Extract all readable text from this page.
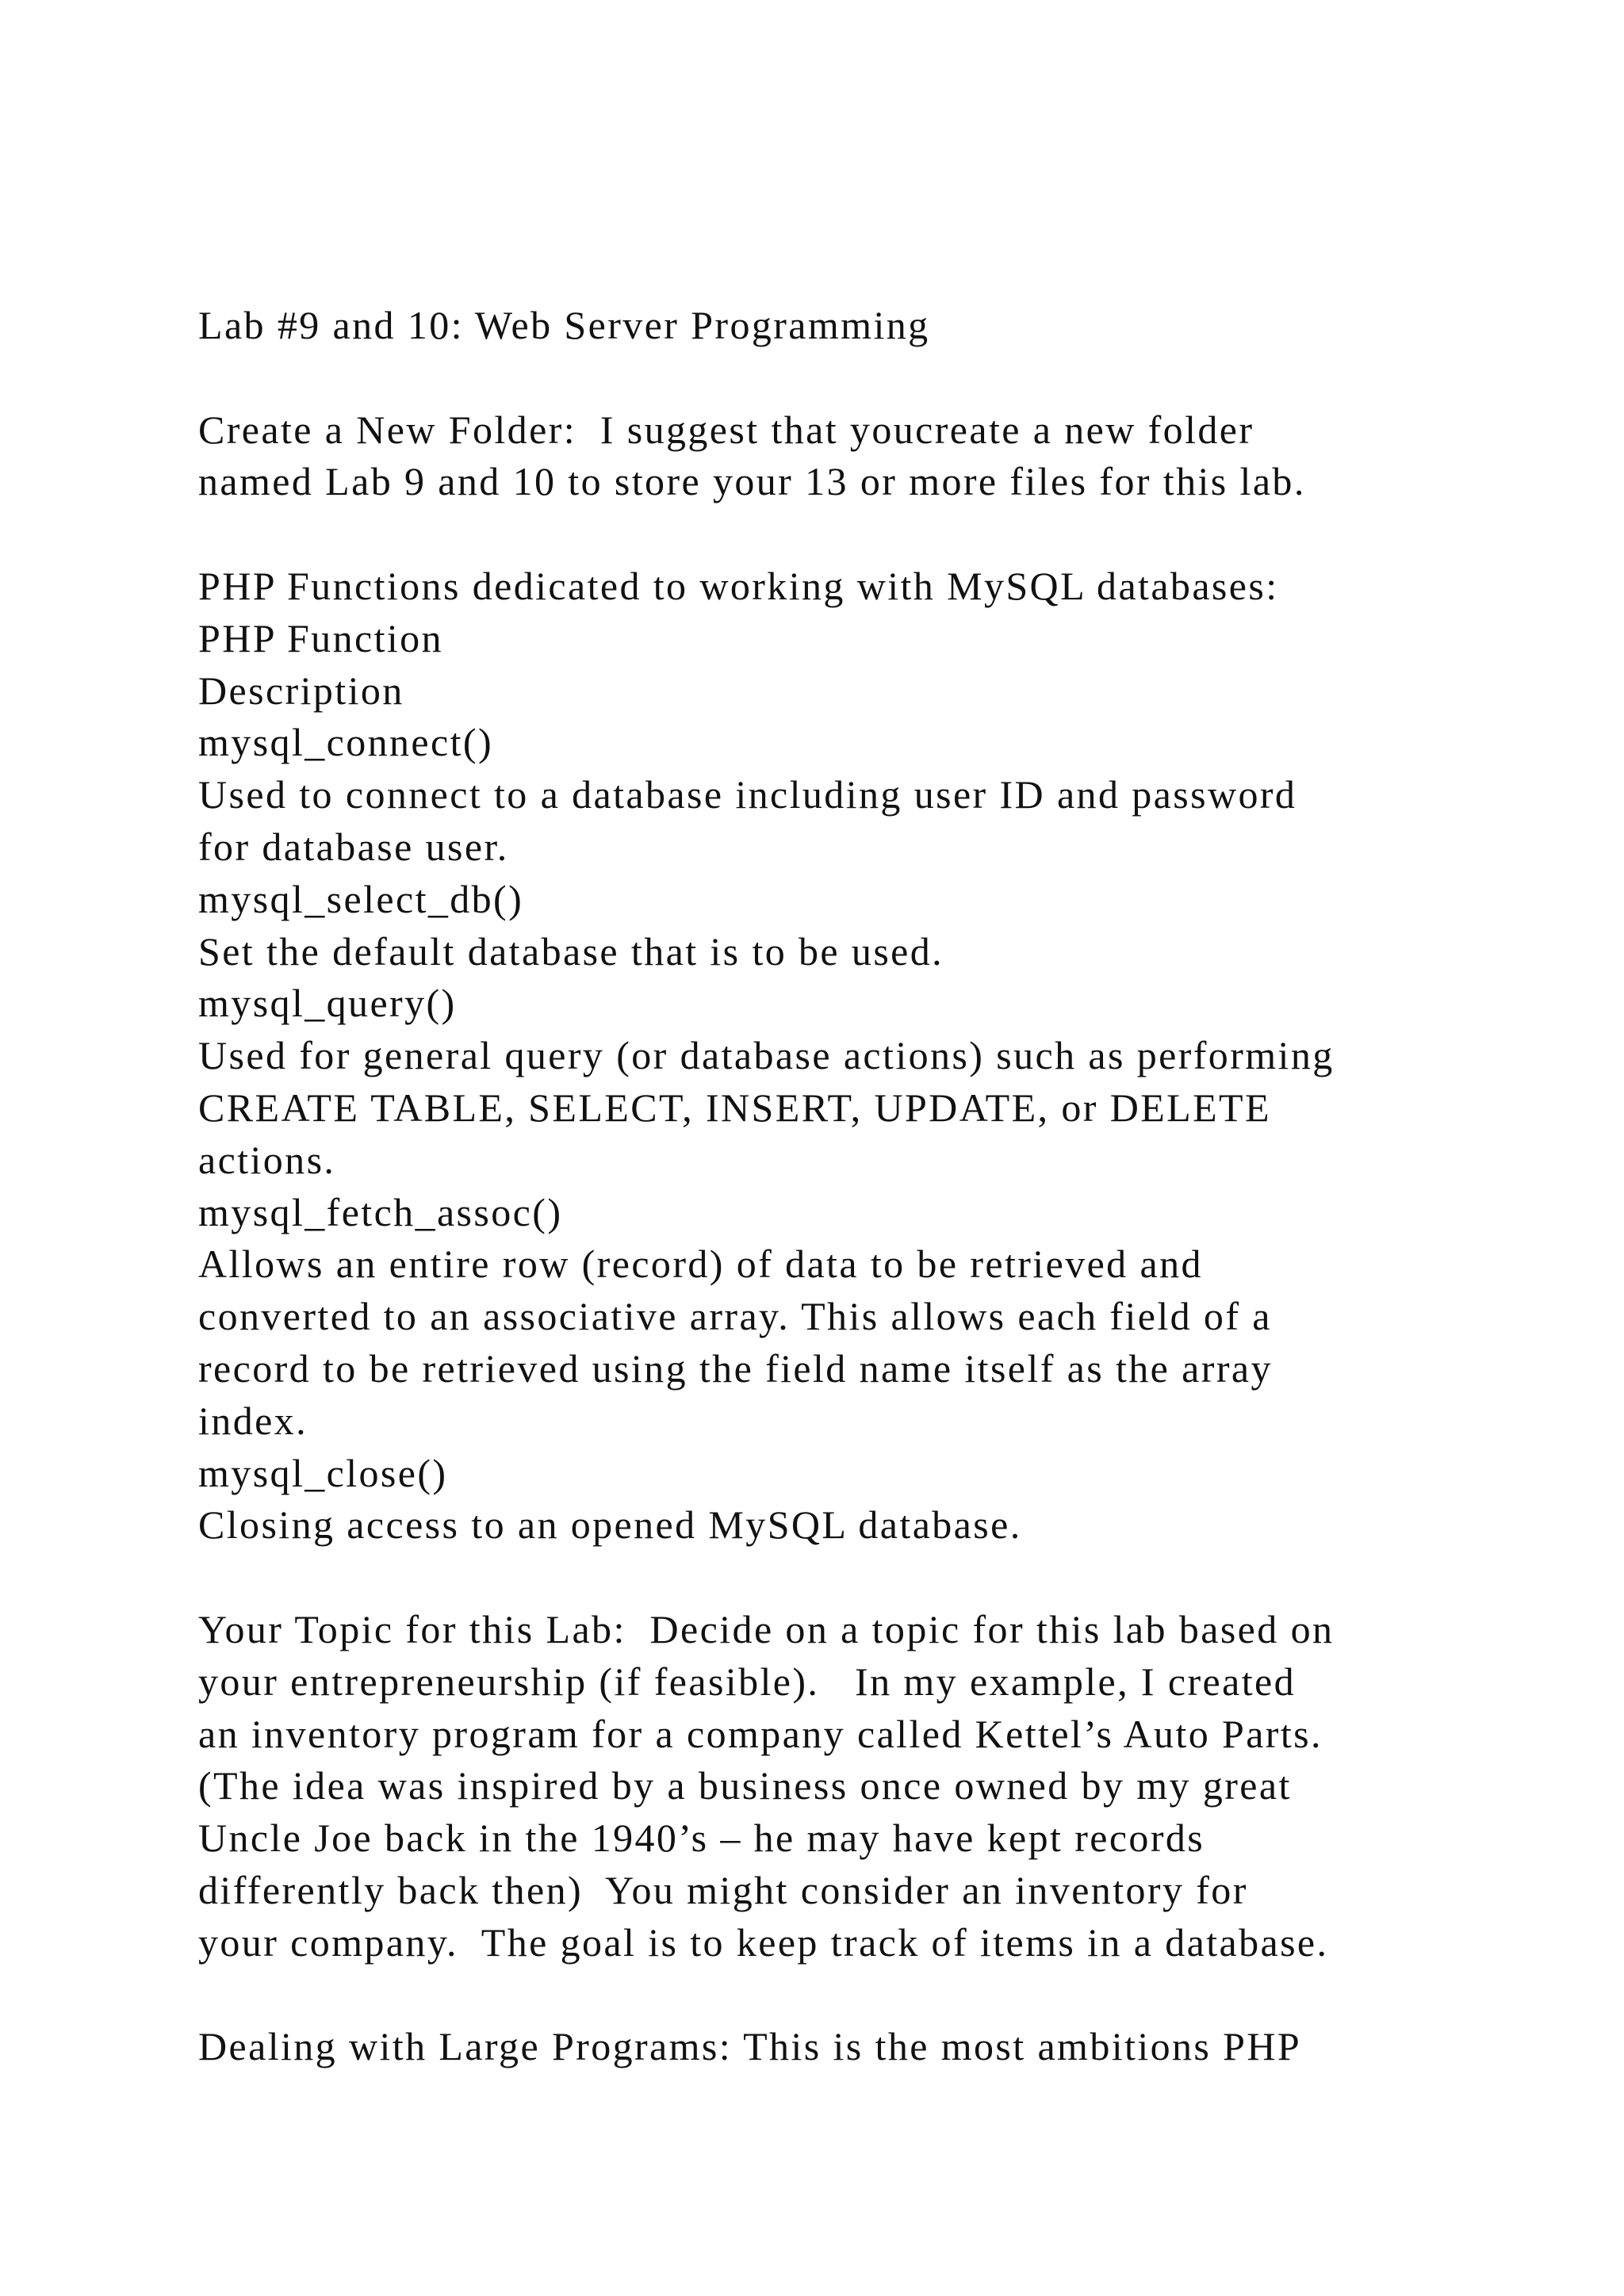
Lab #9 and 10: Web Server Programming
Create a New Folder:  I suggest that youcreate a new folder
named Lab 9 and 10 to store your 13 or more files for this lab.
PHP Functions dedicated to working with MySQL databases:
PHP Function
Description
mysql_connect()
Used to connect to a database including user ID and password
for database user.
mysql_select_db()
Set the default database that is to be used.
mysql_query()
Used for general query (or database actions) such as performing
CREATE TABLE, SELECT, INSERT, UPDATE, or DELETE
actions.
mysql_fetch_assoc()
Allows an entire row (record) of data to be retrieved and
converted to an associative array. This allows each field of a
record to be retrieved using the field name itself as the array
index.
mysql_close()
Closing access to an opened MySQL database.
Your Topic for this Lab:  Decide on a topic for this lab based on
your entrepreneurship (if feasible).   In my example, I created
an inventory program for a company called Kettel’s Auto Parts.
(The idea was inspired by a business once owned by my great
Uncle Joe back in the 1940’s – he may have kept records
differently back then)  You might consider an inventory for
your company.  The goal is to keep track of items in a database.
Dealing with Large Programs: This is the most ambitions PHP
